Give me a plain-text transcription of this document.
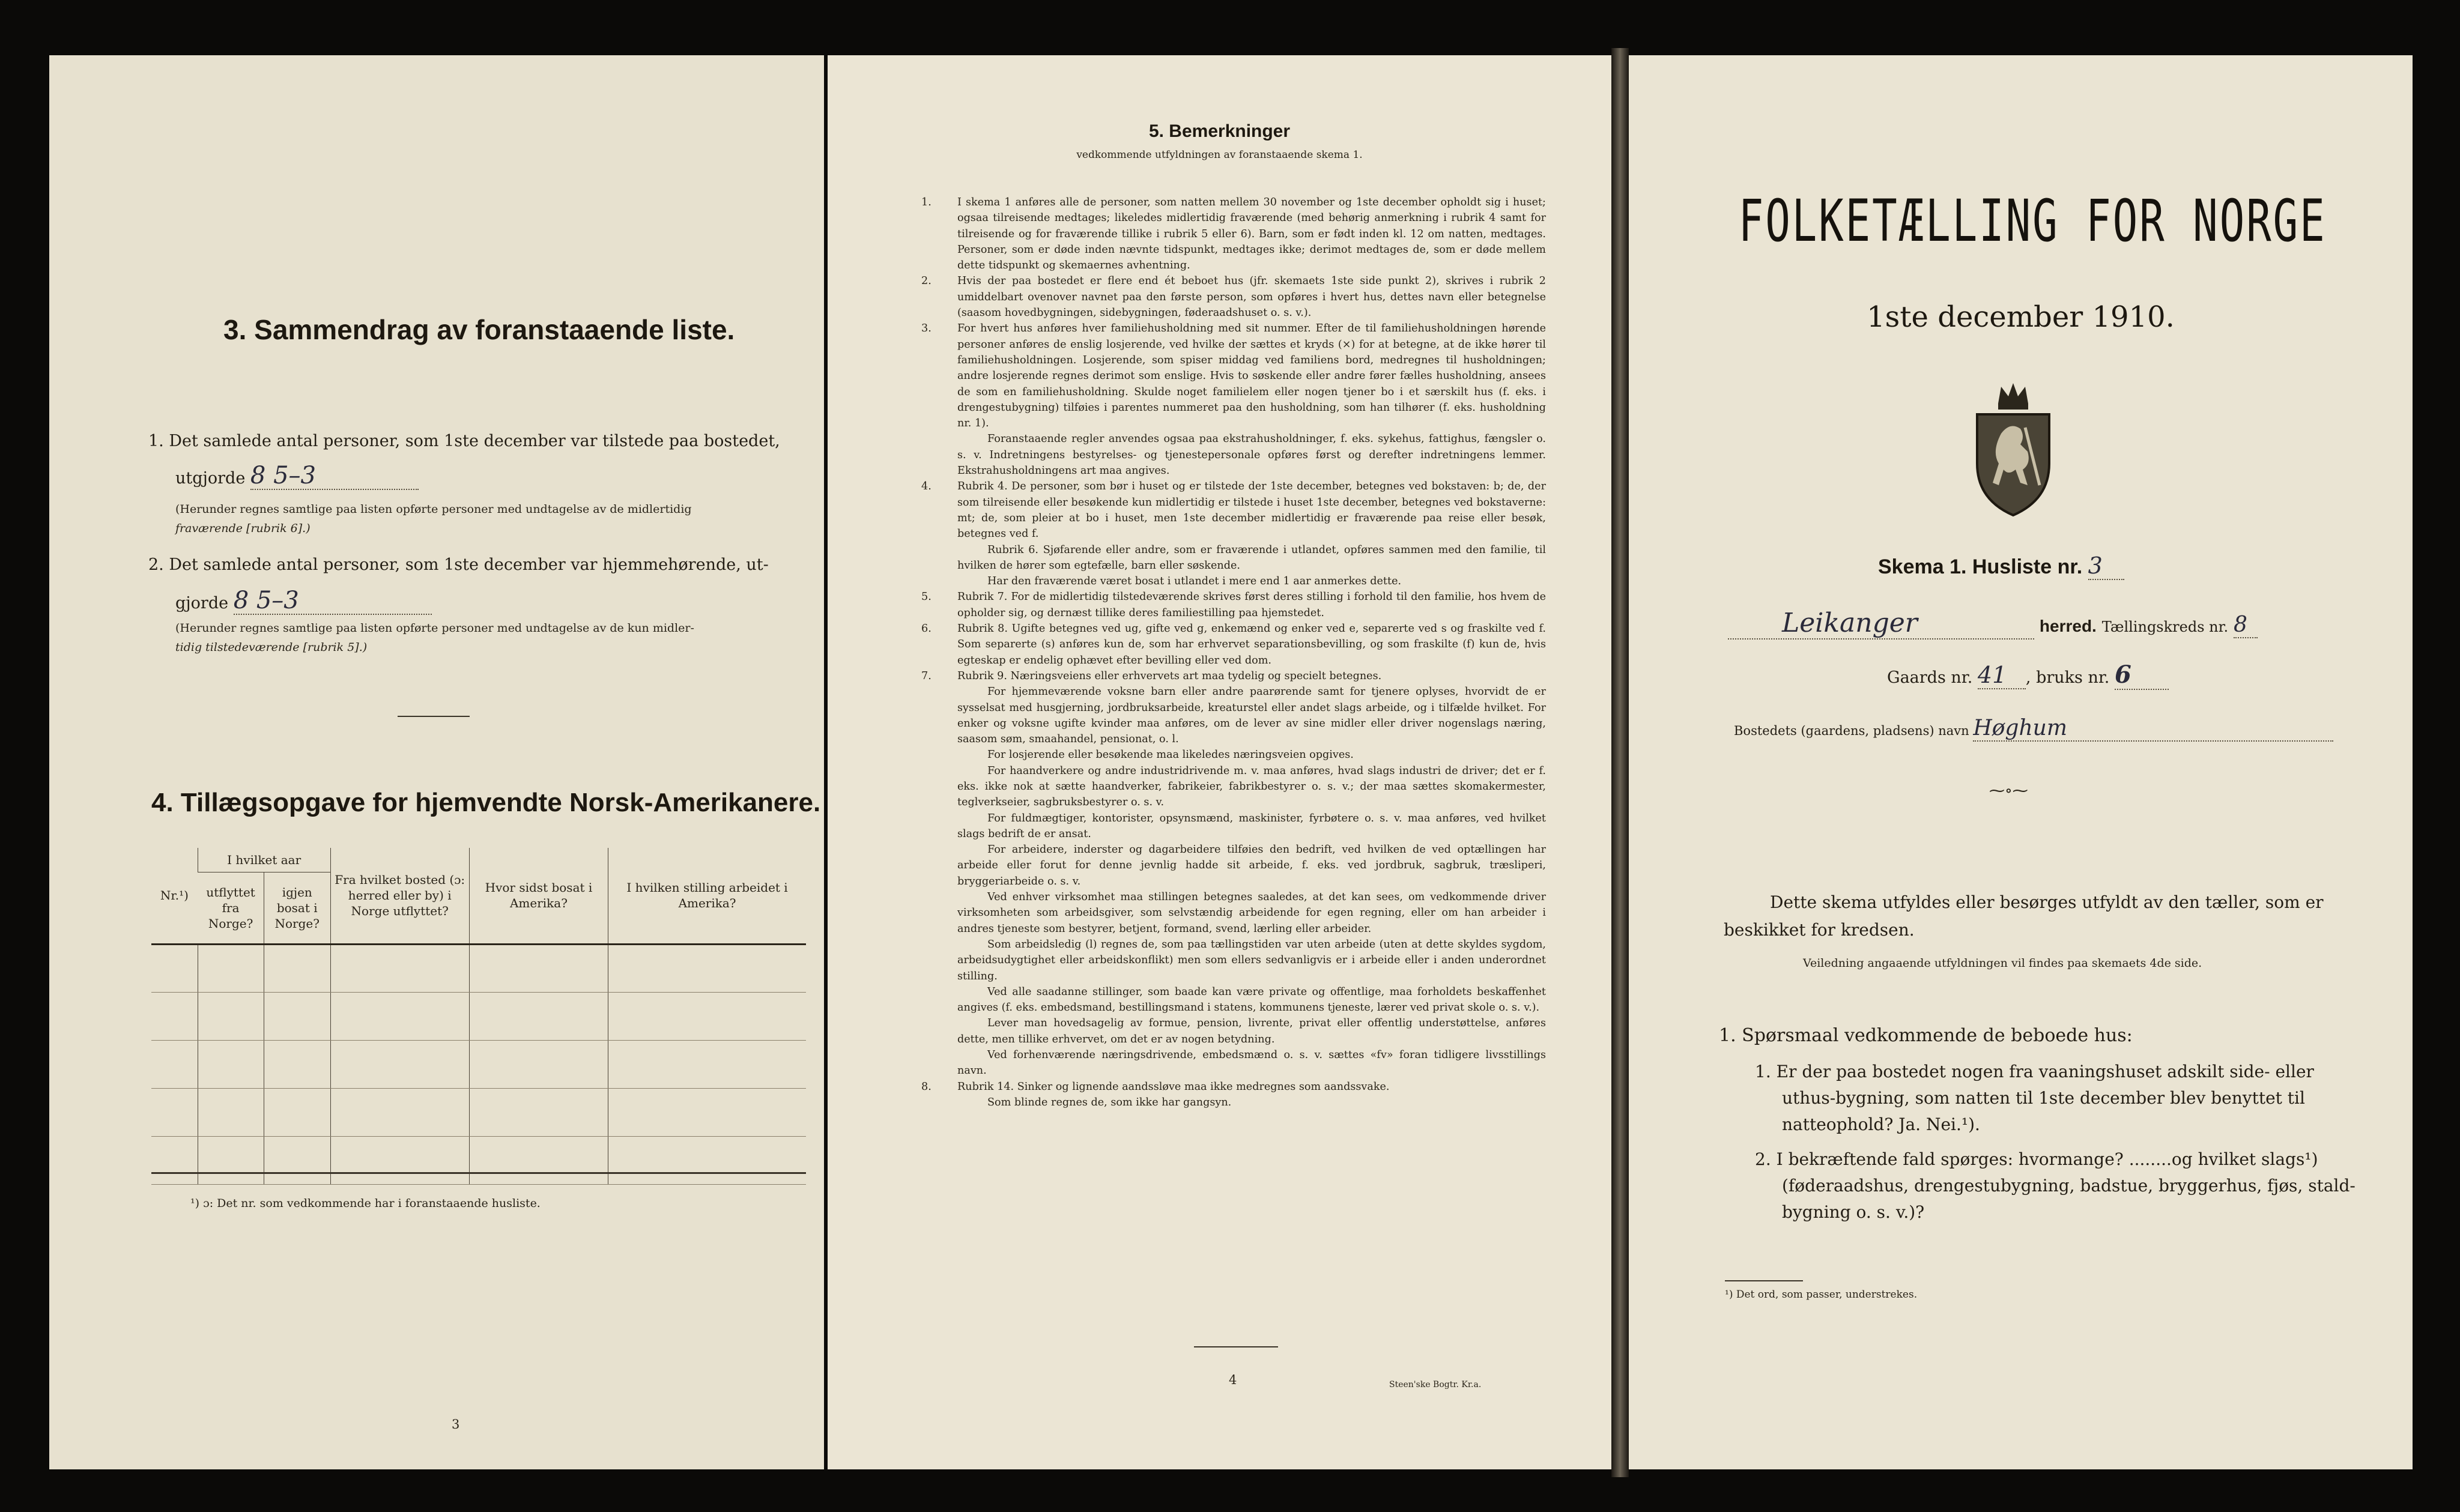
3. Sammendrag av foranstaaende liste.
1. Det samlede antal personer, som 1ste december var tilstede paa bostedet,
utgjorde 8 5–3
(Herunder regnes samtlige paa listen opførte personer med undtagelse av de midlertidig
fraværende [rubrik 6].)
2. Det samlede antal personer, som 1ste december var hjemmehørende, ut-
gjorde 8 5–3
(Herunder regnes samtlige paa listen opførte personer med undtagelse av de kun midler-
tidig tilstedeværende [rubrik 5].)
4. Tillægsopgave for hjemvendte Norsk-Amerikanere.
Nr.¹)	I hvilket aar		Fra hvilket bosted (ɔ: herred eller by) i Norge utflyttet?	Hvor sidst bosat i Amerika?	I hvilken stilling arbeidet i Amerika?
	utflyttet fra Norge?	igjen bosat i Norge?			

¹) ɔ: Det nr. som vedkommende har i foranstaaende husliste.
3
5. Bemerkninger
vedkommende utfyldningen av foranstaaende skema 1.

1. I skema 1 anføres alle de personer, som natten mellem 30 november og 1ste december opholdt sig i huset; ogsaa tilreisende medtages; likeledes midlertidig fraværende (med behørig anmerkning i rubrik 4 samt for tilreisende og for fraværende tillike i rubrik 5 eller 6). Barn, som er født inden kl. 12 om natten, medtages. Personer, som er døde inden nævnte tidspunkt, medtages ikke; derimot medtages de, som er døde mellem dette tidspunkt og skemaernes avhentning.

2. Hvis der paa bostedet er flere end ét beboet hus (jfr. skemaets 1ste side punkt 2), skrives i rubrik 2 umiddelbart ovenover navnet paa den første person, som opføres i hvert hus, dettes navn eller betegnelse (saasom hovedbygningen, sidebygningen, føderaadshuset o. s. v.).

3. For hvert hus anføres hver familiehusholdning med sit nummer. Efter de til familiehusholdningen hørende personer anføres de enslig losjerende, ved hvilke der sættes et kryds (×) for at betegne, at de ikke hører til familiehusholdningen. Losjerende, som spiser middag ved familiens bord, medregnes til husholdningen; andre losjerende regnes derimot som enslige. Hvis to søskende eller andre fører fælles husholdning, ansees de som en familiehusholdning. Skulde noget familielem eller nogen tjener bo i et særskilt hus (f. eks. i drengestubygning) tilføies i parentes nummeret paa den husholdning, som han tilhører (f. eks. husholdning nr. 1).

Foranstaaende regler anvendes ogsaa paa ekstrahusholdninger, f. eks. sykehus, fattighus, fængsler o. s. v. Indretningens bestyrelses- og tjenestepersonale opføres først og derefter indretningens lemmer. Ekstrahusholdningens art maa angives.

4. Rubrik 4. De personer, som bør i huset og er tilstede der 1ste december, betegnes ved bokstaven: b; de, der som tilreisende eller besøkende kun midlertidig er tilstede i huset 1ste december, betegnes ved bokstaverne: mt; de, som pleier at bo i huset, men 1ste december midlertidig er fraværende paa reise eller besøk, betegnes ved f.

Rubrik 6. Sjøfarende eller andre, som er fraværende i utlandet, opføres sammen med den familie, til hvilken de hører som egtefælle, barn eller søskende.

Har den fraværende været bosat i utlandet i mere end 1 aar anmerkes dette.

5. Rubrik 7. For de midlertidig tilstedeværende skrives først deres stilling i forhold til den familie, hos hvem de opholder sig, og dernæst tillike deres familiestilling paa hjemstedet.

6. Rubrik 8. Ugifte betegnes ved ug, gifte ved g, enkemænd og enker ved e, separerte ved s og fraskilte ved f. Som separerte (s) anføres kun de, som har erhvervet separationsbevilling, og som fraskilte (f) kun de, hvis egteskap er endelig ophævet efter bevilling eller ved dom.

7. Rubrik 9. Næringsveiens eller erhvervets art maa tydelig og specielt betegnes.

For hjemmeværende voksne barn eller andre paarørende samt for tjenere oplyses, hvorvidt de er sysselsat med husgjerning, jordbruksarbeide, kreaturstel eller andet slags arbeide, og i tilfælde hvilket. For enker og voksne ugifte kvinder maa anføres, om de lever av sine midler eller driver nogenslags næring, saasom søm, smaahandel, pensionat, o. l.

For losjerende eller besøkende maa likeledes næringsveien opgives.

For haandverkere og andre industridrivende m. v. maa anføres, hvad slags industri de driver; det er f. eks. ikke nok at sætte haandverker, fabrikeier, fabrikbestyrer o. s. v.; der maa sættes skomakermester, teglverkseier, sagbruksbestyrer o. s. v.

For fuldmægtiger, kontorister, opsynsmænd, maskinister, fyrbøtere o. s. v. maa anføres, ved hvilket slags bedrift de er ansat.

For arbeidere, inderster og dagarbeidere tilføies den bedrift, ved hvilken de ved optællingen har arbeide eller forut for denne jevnlig hadde sit arbeide, f. eks. ved jordbruk, sagbruk, træsliperi, bryggeriarbeide o. s. v.

Ved enhver virksomhet maa stillingen betegnes saaledes, at det kan sees, om vedkommende driver virksomheten som arbeidsgiver, som selvstændig arbeidende for egen regning, eller om han arbeider i andres tjeneste som bestyrer, betjent, formand, svend, lærling eller arbeider.

Som arbeidsledig (l) regnes de, som paa tællingstiden var uten arbeide (uten at dette skyldes sygdom, arbeidsudygtighet eller arbeidskonflikt) men som ellers sedvanligvis er i arbeide eller i anden underordnet stilling.

Ved alle saadanne stillinger, som baade kan være private og offentlige, maa forholdets beskaffenhet angives (f. eks. embedsmand, bestillingsmand i statens, kommunens tjeneste, lærer ved privat skole o. s. v.).

Lever man hovedsagelig av formue, pension, livrente, privat eller offentlig understøttelse, anføres dette, men tillike erhvervet, om det er av nogen betydning.

Ved forhenværende næringsdrivende, embedsmænd o. s. v. sættes «fv» foran tidligere livsstillings navn.

8. Rubrik 14. Sinker og lignende aandssløve maa ikke medregnes som aandssvake.

Som blinde regnes de, som ikke har gangsyn.

4	Steen'ske Bogtr. Kr.a.
FOLKETÆLLING FOR NORGE
1ste december 1910.
Skema 1. Husliste nr. 3
Leikanger	herred. Tællingskreds nr. 8
Gaards nr. 41 , bruks nr. 6
Bostedets (gaardens, pladsens) navn Høghum
⁓∘⁓
Dette skema utfyldes eller besørges utfyldt av den tæller, som er
beskikket for kredsen.
Veiledning angaaende utfyldningen vil findes paa skemaets 4de side.
1. Spørsmaal vedkommende de beboede hus:
1. Er der paa bostedet nogen fra vaaningshuset adskilt side- eller
uthus-bygning, som natten til 1ste december blev benyttet til
natteophold? Ja. Nei.¹).
2. I bekræftende fald spørges: hvormange? ........og hvilket slags¹)
(føderaadshus, drengestubygning, badstue, bryggerhus, fjøs, stald-
bygning o. s. v.)?
¹) Det ord, som passer, understrekes.
